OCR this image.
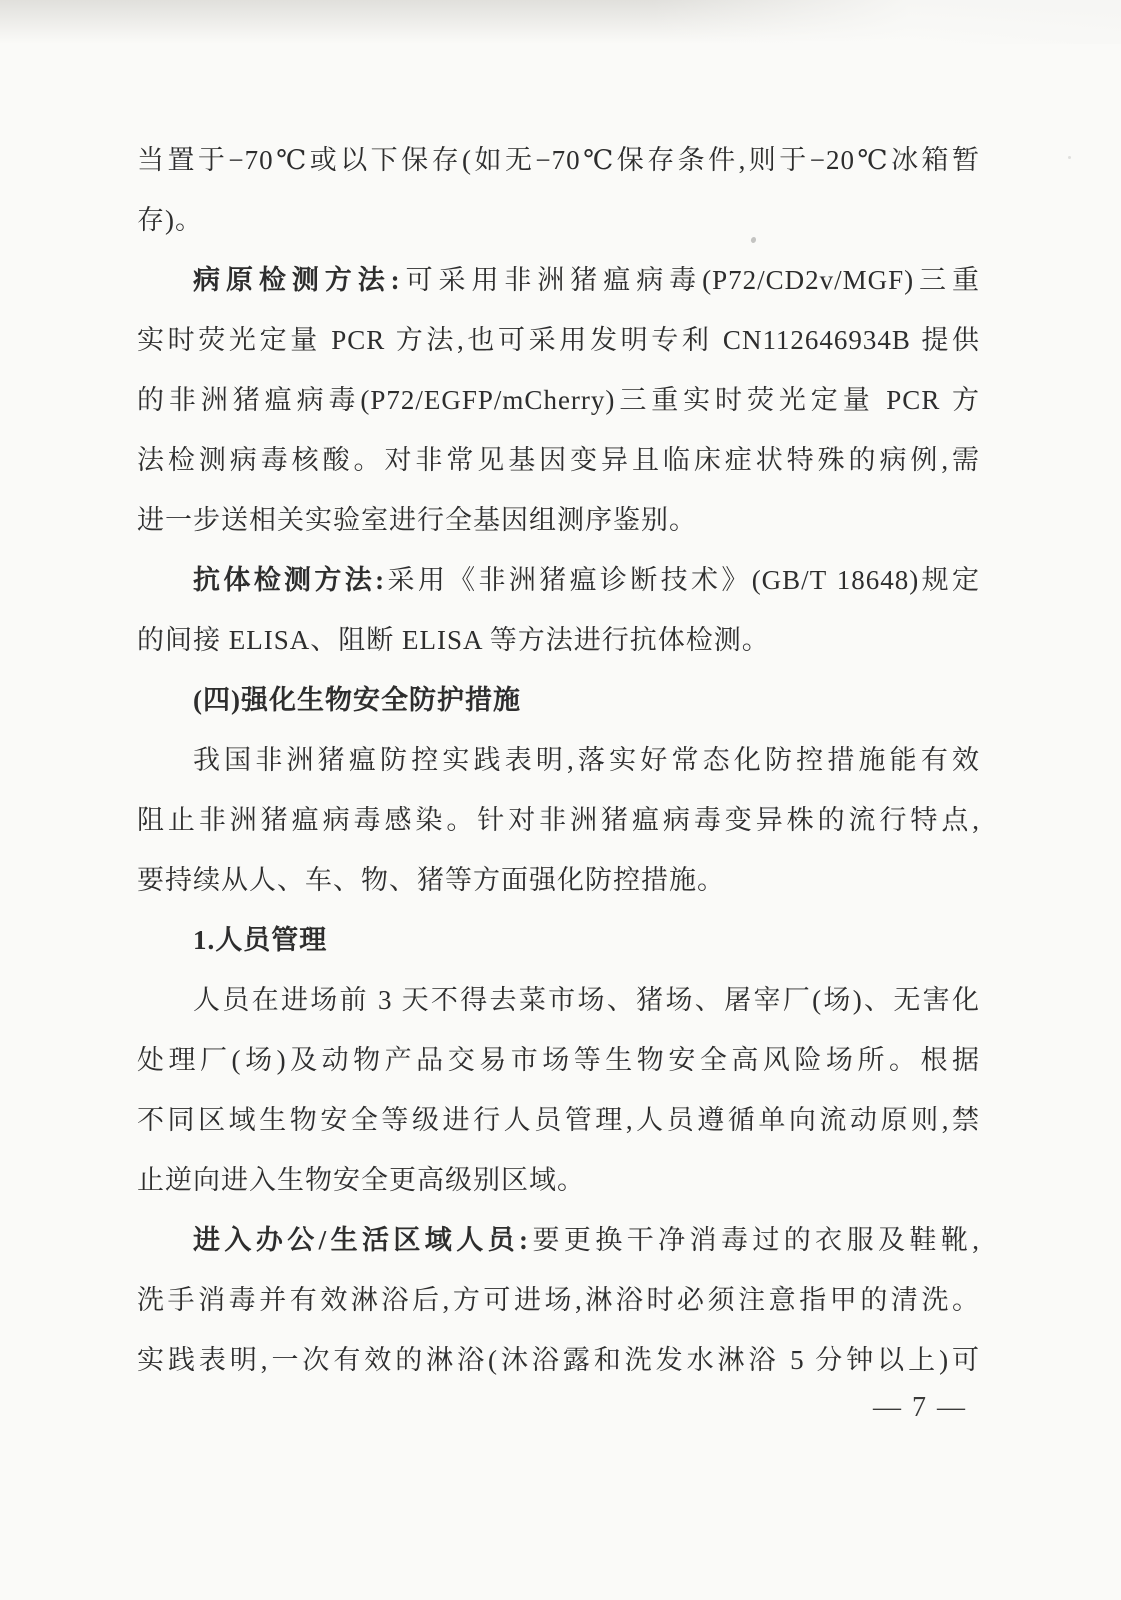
当置于−70℃或以下保存(如无−70℃保存条件,则于−20℃冰箱暂
存)。
病原检测方法:可采用非洲猪瘟病毒(P72/CD2v/MGF)三重
实时荧光定量 PCR 方法,也可采用发明专利 CN112646934B 提供
的非洲猪瘟病毒(P72/EGFP/mCherry)三重实时荧光定量 PCR 方
法检测病毒核酸。对非常见基因变异且临床症状特殊的病例,需
进一步送相关实验室进行全基因组测序鉴别。
抗体检测方法:采用《非洲猪瘟诊断技术》(GB/T 18648)规定
的间接 ELISA、阻断 ELISA 等方法进行抗体检测。
(四)强化生物安全防护措施
我国非洲猪瘟防控实践表明,落实好常态化防控措施能有效
阻止非洲猪瘟病毒感染。针对非洲猪瘟病毒变异株的流行特点,
要持续从人、车、物、猪等方面强化防控措施。
1.人员管理
人员在进场前 3 天不得去菜市场、猪场、屠宰厂(场)、无害化
处理厂(场)及动物产品交易市场等生物安全高风险场所。根据
不同区域生物安全等级进行人员管理,人员遵循单向流动原则,禁
止逆向进入生物安全更高级别区域。
进入办公/生活区域人员:要更换干净消毒过的衣服及鞋靴,
洗手消毒并有效淋浴后,方可进场,淋浴时必须注意指甲的清洗。
实践表明,一次有效的淋浴(沐浴露和洗发水淋浴 5 分钟以上)可
— 7 —
